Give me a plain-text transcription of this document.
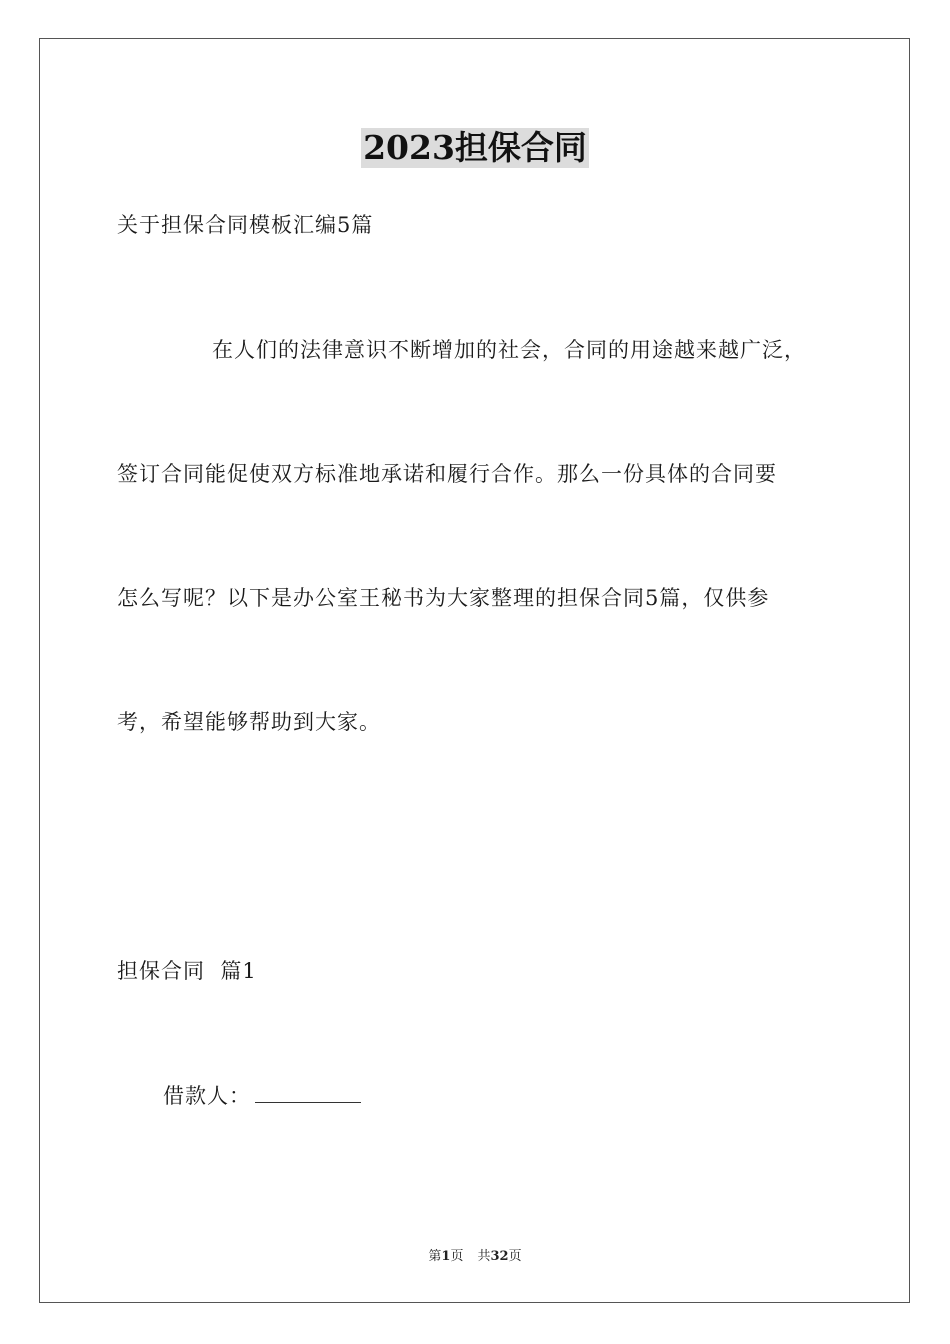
2023担保合同
关于担保合同模板汇编5篇
在人们的法律意识不断增加的社会，合同的用途越来越广泛，
签订合同能促使双方标准地承诺和履行合作。那么一份具体的合同要
怎么写呢？以下是办公室王秘书为大家整理的担保合同5篇，仅供参
考，希望能够帮助到大家。
担保合同  篇1
借款人：
第1页 共32页
